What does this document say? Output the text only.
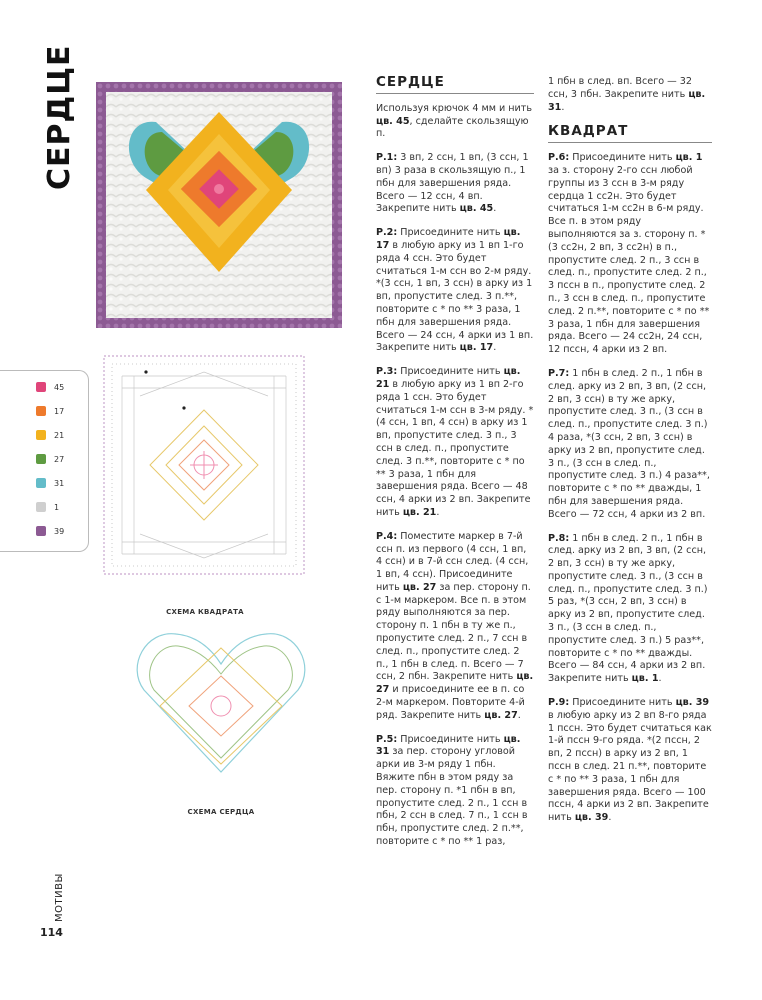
СЕРДЦЕ
45
17
21
27
31
1
39
СХЕМА КВАДРАТА
СХЕМА СЕРДЦА
МОТИВЫ
114
СЕРДЦЕ

Используя крючок 4 мм и нить цв. 45, сделайте скользящую п.

Р.1: 3 вп, 2 ссн, 1 вп, (3 ссн, 1 вп) 3 раза в скользящую п., 1 пбн для завершения ряда. Всего — 12 ссн, 4 вп. Закрепите нить цв. 45.

Р.2: Присоедините нить цв. 17 в любую арку из 1 вп 1-го ряда 4 ссн. Это будет считаться 1-м ссн во 2-м ряду. *(3 ссн, 1 вп, 3 ссн) в арку из 1 вп, пропустите след. 3 п.**, повторите с * по ** 3 раза, 1 пбн для завершения ряда. Всего — 24 ссн, 4 арки из 1 вп. Закрепите нить цв. 17.

Р.3: Присоедините нить цв. 21 в любую арку из 1 вп 2-го ряда 1 ссн. Это будет считаться 1-м ссн в 3-м ряду. *(4 ссн, 1 вп, 4 ссн) в арку из 1 вп, пропустите след. 3 п., 3 ссн в след. п., пропустите след. 3 п.**, повторите с * по ** 3 раза, 1 пбн для завершения ряда. Всего — 48 ссн, 4 арки из 2 вп. Закрепите нить цв. 21.

Р.4: Поместите маркер в 7-й ссн п. из первого (4 ссн, 1 вп, 4 ссн) и в 7-й ссн след. (4 ссн, 1 вп, 4 ссн). Присоедините нить цв. 27 за пер. сторону п. с 1-м маркером. Все п. в этом ряду выполняются за пер. сторону п. 1 пбн в ту же п., пропустите след. 2 п., 7 ссн в след. п., пропустите след. 2 п., 1 пбн в след. п. Всего — 7 ссн, 2 пбн. Закрепите нить цв. 27 и присоедините ее в п. со 2-м маркером. Повторите 4-й ряд. Закрепите нить цв. 27.

Р.5: Присоедините нить цв. 31 за пер. сторону угловой арки ив 3-м ряду 1 пбн. Вяжите пбн в этом ряду за пер. сторону п. *1 пбн в вп, пропустите след. 2 п., 1 ссн в пбн, 2 ссн в след. 7 п., 1 ссн в пбн, пропустите след. 2 п.**, повторите с * по ** 1 раз,

1 пбн в след. вп. Всего — 32 ссн, 3 пбн. Закрепите нить цв. 31.

КВАДРАТ

Р.6: Присоедините нить цв. 1 за з. сторону 2-го ссн любой группы из 3 ссн в 3-м ряду сердца 1 сс2н. Это будет считаться 1-м сс2н в 6-м ряду. Все п. в этом ряду выполняются за з. сторону п. *(3 сс2н, 2 вп, 3 сс2н) в п., пропустите след. 2 п., 3 ссн в след. п., пропустите след. 2 п., 3 пссн в п., пропустите след. 2 п., 3 ссн в след. п., пропустите след. 2 п.**, повторите с * по ** 3 раза, 1 пбн для завершения ряда. Всего — 24 сс2н, 24 ссн, 12 пссн, 4 арки из 2 вп.

Р.7: 1 пбн в след. 2 п., 1 пбн в след. арку из 2 вп, 3 вп, (2 ссн, 2 вп, 3 ссн) в ту же арку, пропустите след. 3 п., (3 ссн в след. п., пропустите след. 3 п.) 4 раза, *(3 ссн, 2 вп, 3 ссн) в арку из 2 вп, пропустите след. 3 п., (3 ссн в след. п., пропустите след. 3 п.) 4 раза**, повторите с * по ** дважды, 1 пбн для завершения ряда. Всего — 72 ссн, 4 арки из 2 вп.

Р.8: 1 пбн в след. 2 п., 1 пбн в след. арку из 2 вп, 3 вп, (2 ссн, 2 вп, 3 ссн) в ту же арку, пропустите след. 3 п., (3 ссн в след. п., пропустите след. 3 п.) 5 раз, *(3 ссн, 2 вп, 3 ссн) в арку из 2 вп, пропустите след. 3 п., (3 ссн в след. п., пропустите след. 3 п.) 5 раз**, повторите с * по ** дважды. Всего — 84 ссн, 4 арки из 2 вп. Закрепите нить цв. 1.

Р.9: Присоедините нить цв. 39 в любую арку из 2 вп 8-го ряда 1 пссн. Это будет считаться как 1-й пссн 9-го ряда. *(2 пссн, 2 вп, 2 пссн) в арку из 2 вп, 1 пссн в след. 21 п.**, повторите с * по ** 3 раза, 1 пбн для завершения ряда. Всего — 100 пссн, 4 арки из 2 вп. Закрепите нить цв. 39.
